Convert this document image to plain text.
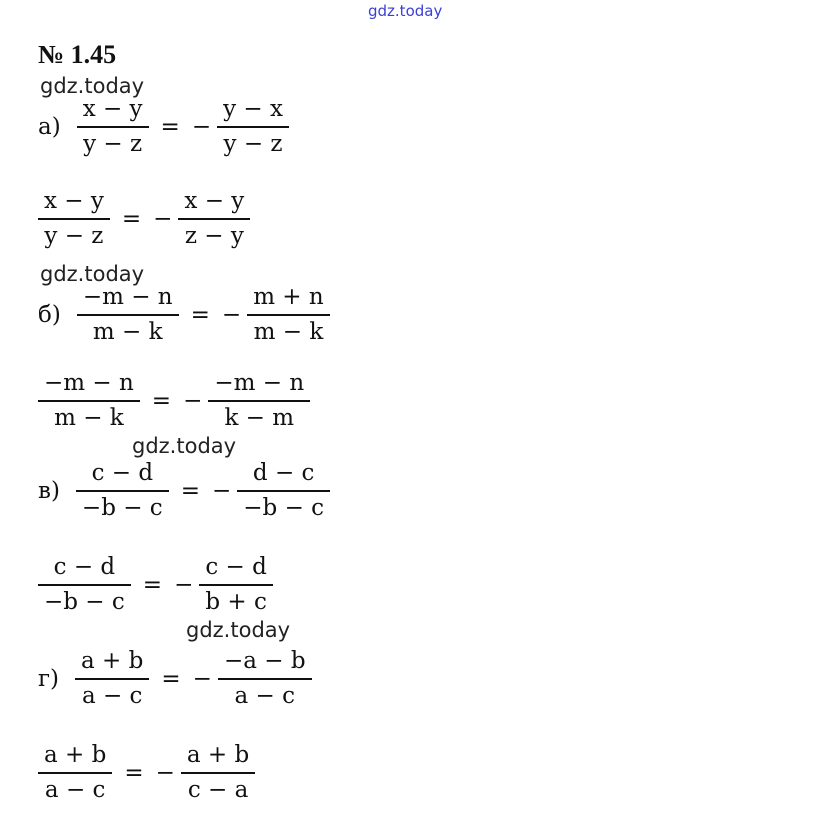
gdz.today
№ 1.45
gdz.today
gdz.today
gdz.today
gdz.today
$а) \frac{x - y}{y - z}$ = − $\frac{y - x}{y - z}$
$\frac{x - y}{y - z}$ = − $\frac{x - y}{z - y}$
$б) \frac{-m - n}{m - k}$ = − $\frac{m + n}{m - k}$
$\frac{-m - n}{m - k}$ = − $\frac{-m - n}{k - m}$
$в) \frac{c - d}{-b - c}$ = − $\frac{d - c}{-b - c}$
$\frac{c - d}{-b - c}$ = − $\frac{c - d}{b + c}$
$г) \frac{a + b}{a - c}$ = − $\frac{-a - b}{a - c}$
$\frac{a + b}{a - c}$ = − $\frac{a + b}{c - a}$
